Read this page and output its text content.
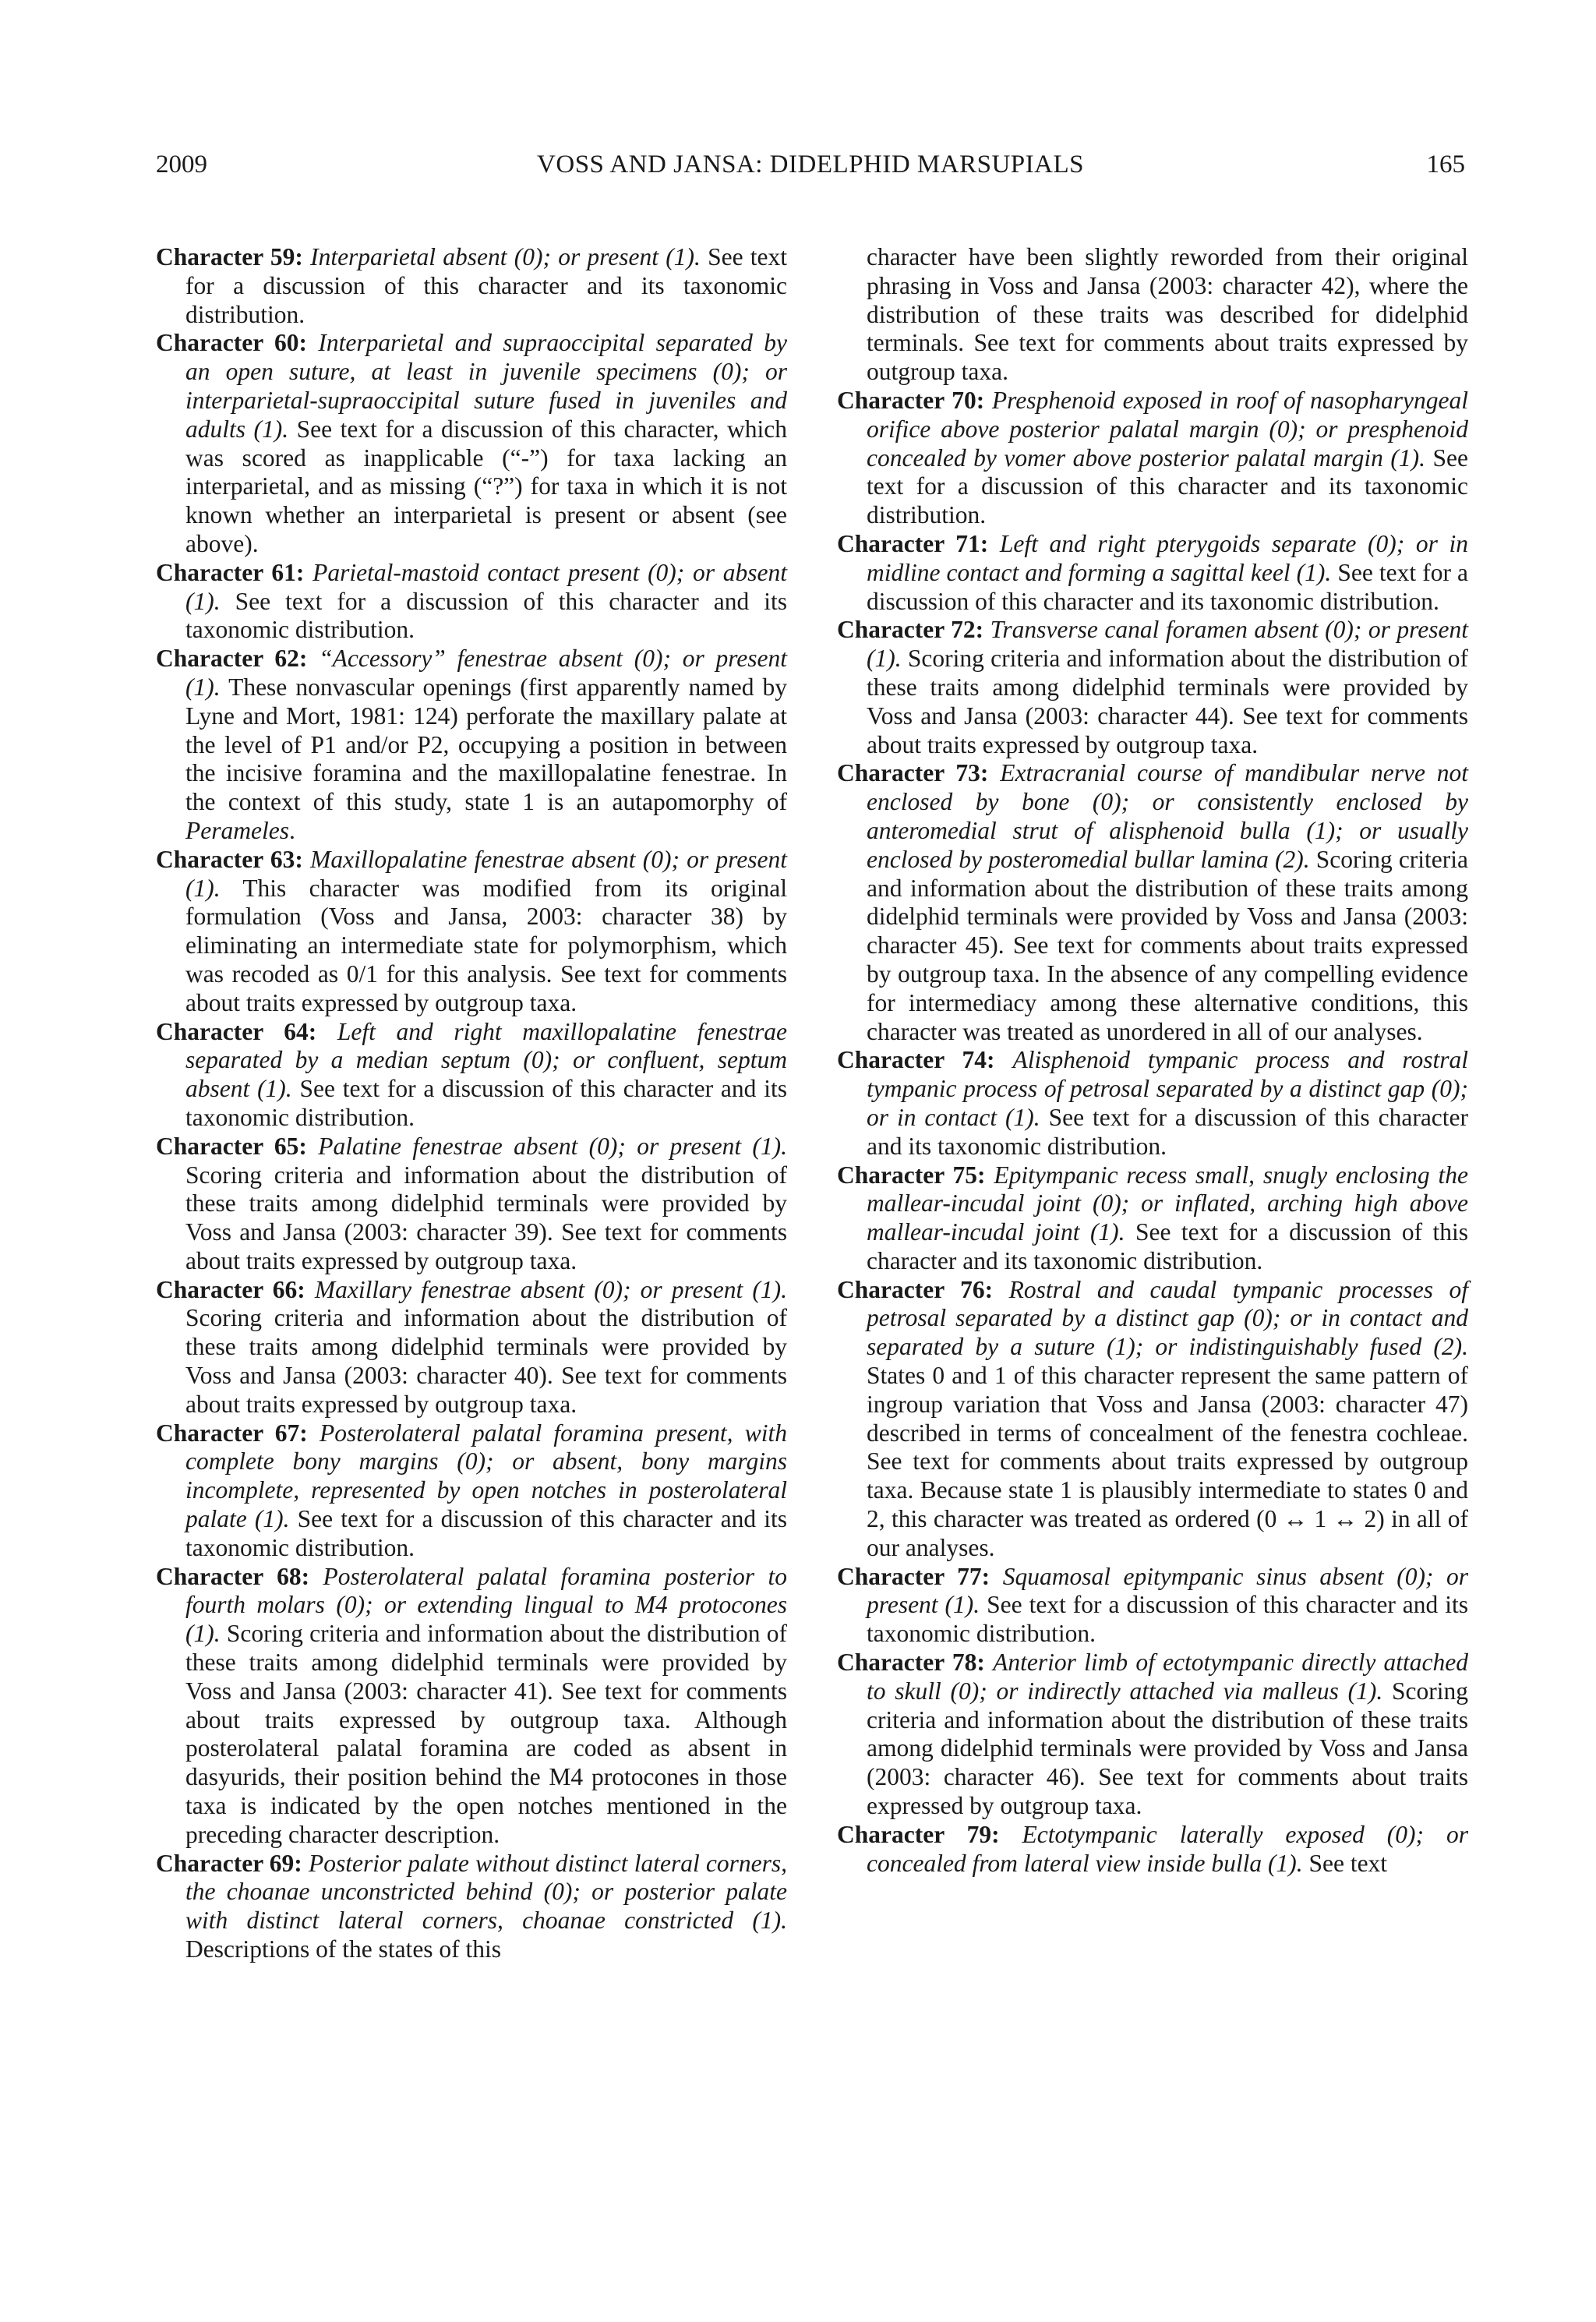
2009	VOSS AND JANSA: DIDELPHID MARSUPIALS	165

Character 59: Interparietal absent (0); or present (1). See text for a discussion of this character and its taxonomic distribution.

Character 60: Interparietal and supraoccipital separated by an open suture, at least in juvenile specimens (0); or interparietal-supraoccipital suture fused in juveniles and adults (1). See text for a discussion of this character, which was scored as inapplicable (“-”) for taxa lacking an interparietal, and as missing (“?”) for taxa in which it is not known whether an interparietal is present or absent (see above).

Character 61: Parietal-mastoid contact present (0); or absent (1). See text for a discussion of this character and its taxonomic distribution.

Character 62: “Accessory” fenestrae absent (0); or present (1). These nonvascular openings (first apparently named by Lyne and Mort, 1981: 124) perforate the maxillary palate at the level of P1 and/or P2, occupying a position in between the incisive foramina and the maxillopalatine fenestrae. In the context of this study, state 1 is an autapomorphy of Perameles.

Character 63: Maxillopalatine fenestrae absent (0); or present (1). This character was modified from its original formulation (Voss and Jansa, 2003: character 38) by eliminating an intermediate state for polymorphism, which was recoded as 0/1 for this analysis. See text for comments about traits expressed by outgroup taxa.

Character 64: Left and right maxillopalatine fenestrae separated by a median septum (0); or confluent, septum absent (1). See text for a discussion of this character and its taxonomic distribution.

Character 65: Palatine fenestrae absent (0); or present (1). Scoring criteria and information about the distribution of these traits among didelphid terminals were provided by Voss and Jansa (2003: character 39). See text for comments about traits expressed by outgroup taxa.

Character 66: Maxillary fenestrae absent (0); or present (1). Scoring criteria and information about the distribution of these traits among didelphid terminals were provided by Voss and Jansa (2003: character 40). See text for comments about traits expressed by outgroup taxa.

Character 67: Posterolateral palatal foramina present, with complete bony margins (0); or absent, bony margins incomplete, represented by open notches in posterolateral palate (1). See text for a discussion of this character and its taxonomic distribution.

Character 68: Posterolateral palatal foramina posterior to fourth molars (0); or extending lingual to M4 protocones (1). Scoring criteria and information about the distribution of these traits among didelphid terminals were provided by Voss and Jansa (2003: character 41). See text for comments about traits expressed by outgroup taxa. Although posterolateral palatal foramina are coded as absent in dasyurids, their position behind the M4 protocones in those taxa is indicated by the open notches mentioned in the preceding character description.

Character 69: Posterior palate without distinct lateral corners, the choanae unconstricted behind (0); or posterior palate with distinct lateral corners, choanae constricted (1). Descriptions of the states of this

character have been slightly reworded from their original phrasing in Voss and Jansa (2003: character 42), where the distribution of these traits was described for didelphid terminals. See text for comments about traits expressed by outgroup taxa.

Character 70: Presphenoid exposed in roof of nasopharyngeal orifice above posterior palatal margin (0); or presphenoid concealed by vomer above posterior palatal margin (1). See text for a discussion of this character and its taxonomic distribution.

Character 71: Left and right pterygoids separate (0); or in midline contact and forming a sagittal keel (1). See text for a discussion of this character and its taxonomic distribution.

Character 72: Transverse canal foramen absent (0); or present (1). Scoring criteria and information about the distribution of these traits among didelphid terminals were provided by Voss and Jansa (2003: character 44). See text for comments about traits expressed by outgroup taxa.

Character 73: Extracranial course of mandibular nerve not enclosed by bone (0); or consistently enclosed by anteromedial strut of alisphenoid bulla (1); or usually enclosed by posteromedial bullar lamina (2). Scoring criteria and information about the distribution of these traits among didelphid terminals were provided by Voss and Jansa (2003: character 45). See text for comments about traits expressed by outgroup taxa. In the absence of any compelling evidence for intermediacy among these alternative conditions, this character was treated as unordered in all of our analyses.

Character 74: Alisphenoid tympanic process and rostral tympanic process of petrosal separated by a distinct gap (0); or in contact (1). See text for a discussion of this character and its taxonomic distribution.

Character 75: Epitympanic recess small, snugly enclosing the mallear-incudal joint (0); or inflated, arching high above mallear-incudal joint (1). See text for a discussion of this character and its taxonomic distribution.

Character 76: Rostral and caudal tympanic processes of petrosal separated by a distinct gap (0); or in contact and separated by a suture (1); or indistinguishably fused (2). States 0 and 1 of this character represent the same pattern of ingroup variation that Voss and Jansa (2003: character 47) described in terms of concealment of the fenestra cochleae. See text for comments about traits expressed by outgroup taxa. Because state 1 is plausibly intermediate to states 0 and 2, this character was treated as ordered (0 ↔ 1 ↔ 2) in all of our analyses.

Character 77: Squamosal epitympanic sinus absent (0); or present (1). See text for a discussion of this character and its taxonomic distribution.

Character 78: Anterior limb of ectotympanic directly attached to skull (0); or indirectly attached via malleus (1). Scoring criteria and information about the distribution of these traits among didelphid terminals were provided by Voss and Jansa (2003: character 46). See text for comments about traits expressed by outgroup taxa.

Character 79: Ectotympanic laterally exposed (0); or concealed from lateral view inside bulla (1). See text
